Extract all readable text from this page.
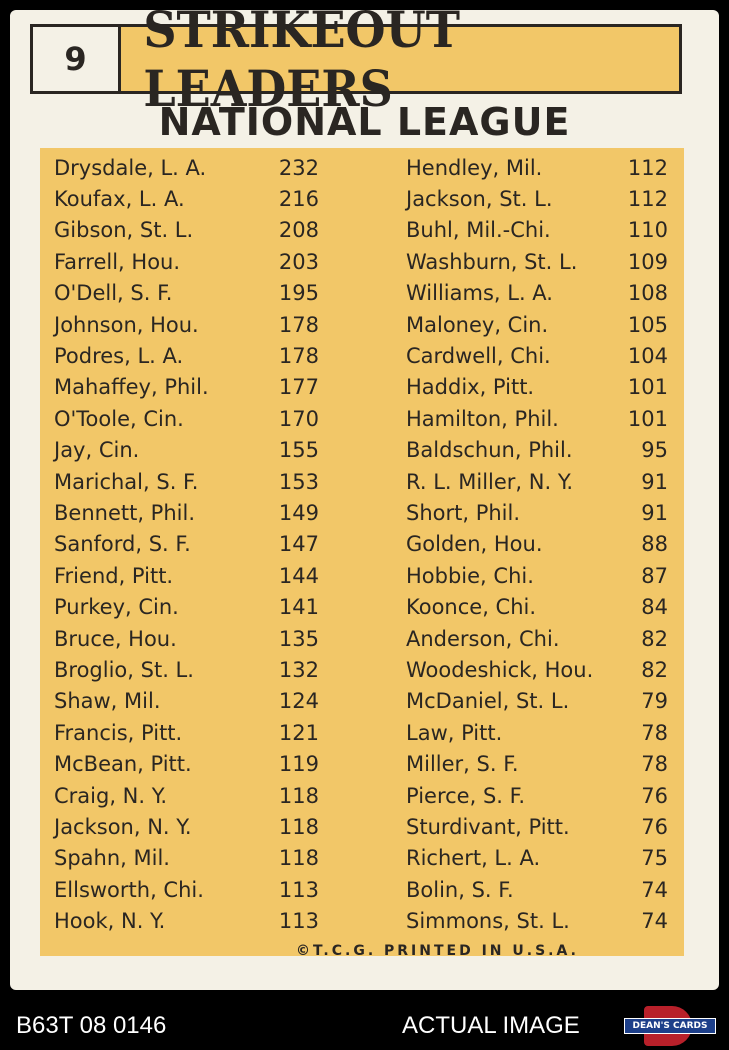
9	STRIKEOUT LEADERS
NATIONAL LEAGUE
Drysdale, L. A.	232
Koufax, L. A.	216
Gibson, St. L.	208
Farrell, Hou.	203
O'Dell, S. F.	195
Johnson, Hou.	178
Podres, L. A.	178
Mahaffey, Phil.	177
O'Toole, Cin.	170
Jay, Cin.	155
Marichal, S. F.	153
Bennett, Phil.	149
Sanford, S. F.	147
Friend, Pitt.	144
Purkey, Cin.	141
Bruce, Hou.	135
Broglio, St. L.	132
Shaw, Mil.	124
Francis, Pitt.	121
McBean, Pitt.	119
Craig, N. Y.	118
Jackson, N. Y.	118
Spahn, Mil.	118
Ellsworth, Chi.	113
Hook, N. Y.	113
Hendley, Mil.	112
Jackson, St. L.	112
Buhl, Mil.-Chi.	110
Washburn, St. L. 109
Williams, L. A.	108
Maloney, Cin.	105
Cardwell, Chi.	104
Haddix, Pitt.	101
Hamilton, Phil.	101
Baldschun, Phil.	95
R. L. Miller, N. Y.	91
Short, Phil.	91
Golden, Hou.	88
Hobbie, Chi.	87
Koonce, Chi.	84
Anderson, Chi.	82
Woodeshick, Hou.	82
McDaniel, St. L.	79
Law, Pitt.	78
Miller, S. F.	78
Pierce, S. F.	76
Sturdivant, Pitt.	76
Richert, L. A.	75
Bolin, S. F.	74
Simmons, St. L.	74
©T.C.G. PRINTED IN U.S.A.
B63T 08 0146	ACTUAL IMAGE	DEAN'S CARDS
